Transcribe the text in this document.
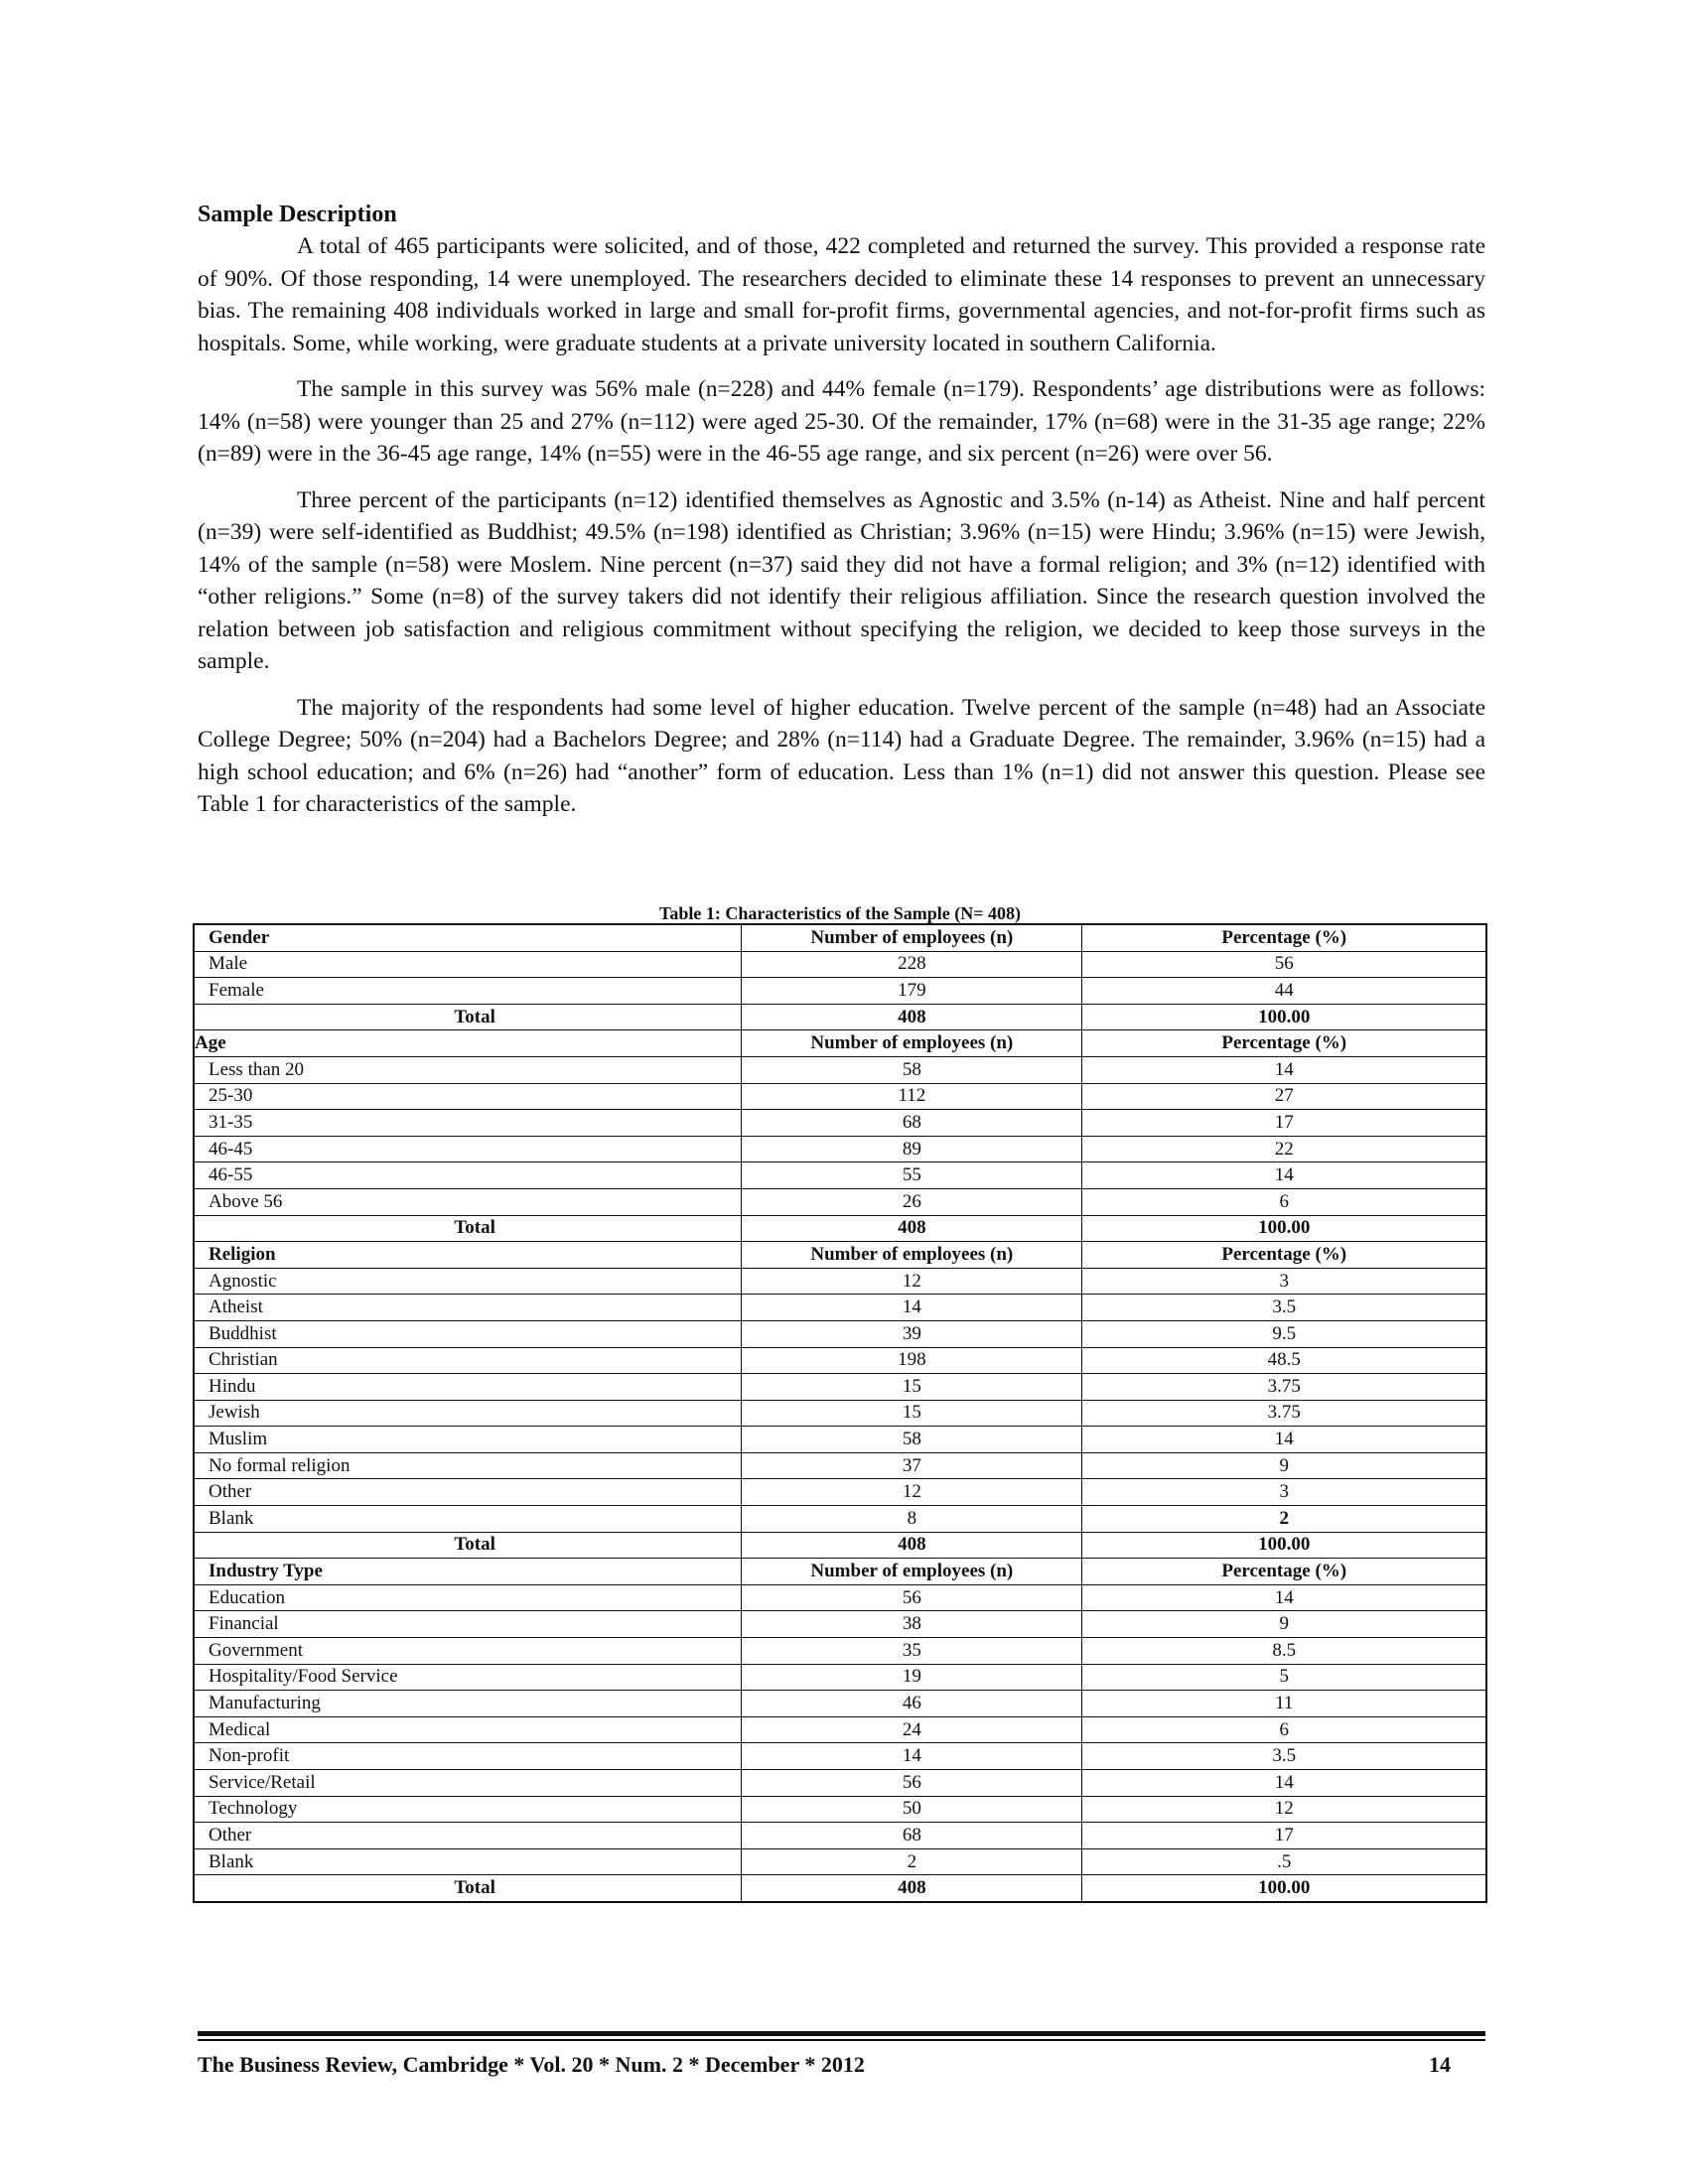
Sample Description

A total of 465 participants were solicited, and of those, 422 completed and returned the survey. This provided a response rate of 90%. Of those responding, 14 were unemployed. The researchers decided to eliminate these 14 responses to prevent an unnecessary bias. The remaining 408 individuals worked in large and small for-profit firms, governmental agencies, and not-for-profit firms such as hospitals. Some, while working, were graduate students at a private university located in southern California.

The sample in this survey was 56% male (n=228) and 44% female (n=179). Respondents’ age distributions were as follows: 14% (n=58) were younger than 25 and 27% (n=112) were aged 25-30. Of the remainder, 17% (n=68) were in the 31-35 age range; 22% (n=89) were in the 36-45 age range, 14% (n=55) were in the 46-55 age range, and six percent (n=26) were over 56.

Three percent of the participants (n=12) identified themselves as Agnostic and 3.5% (n-14) as Atheist. Nine and half percent (n=39) were self-identified as Buddhist; 49.5% (n=198) identified as Christian; 3.96% (n=15) were Hindu; 3.96% (n=15) were Jewish, 14% of the sample (n=58) were Moslem. Nine percent (n=37) said they did not have a formal religion; and 3% (n=12) identified with “other religions.” Some (n=8) of the survey takers did not identify their religious affiliation. Since the research question involved the relation between job satisfaction and religious commitment without specifying the religion, we decided to keep those surveys in the sample.

The majority of the respondents had some level of higher education. Twelve percent of the sample (n=48) had an Associate College Degree; 50% (n=204) had a Bachelors Degree; and 28% (n=114) had a Graduate Degree. The remainder, 3.96% (n=15) had a high school education; and 6% (n=26) had “another” form of education. Less than 1% (n=1) did not answer this question. Please see Table 1 for characteristics of the sample.

Table 1: Characteristics of the Sample (N= 408)
Gender	Number of employees (n)	Percentage (%)
Male	228	56
Female	179	44
Total	408	100.00
Age	Number of employees (n)	Percentage (%)
Less than 20	58	14
25-30	112	27
31-35	68	17
46-45	89	22
46-55	55	14
Above 56	26	6
Total	408	100.00
Religion	Number of employees (n)	Percentage (%)
Agnostic	12	3
Atheist	14	3.5
Buddhist	39	9.5
Christian	198	48.5
Hindu	15	3.75
Jewish	15	3.75
Muslim	58	14
No formal religion	37	9
Other	12	3
Blank	8	2
Total	408	100.00
Industry Type	Number of employees (n)	Percentage (%)
Education	56	14
Financial	38	9
Government	35	8.5
Hospitality/Food Service	19	5
Manufacturing	46	11
Medical	24	6
Non-profit	14	3.5
Service/Retail	56	14
Technology	50	12
Other	68	17
Blank	2	.5
Total	408	100.00
The Business Review, Cambridge * Vol. 20 * Num. 2 * December * 2012	14
